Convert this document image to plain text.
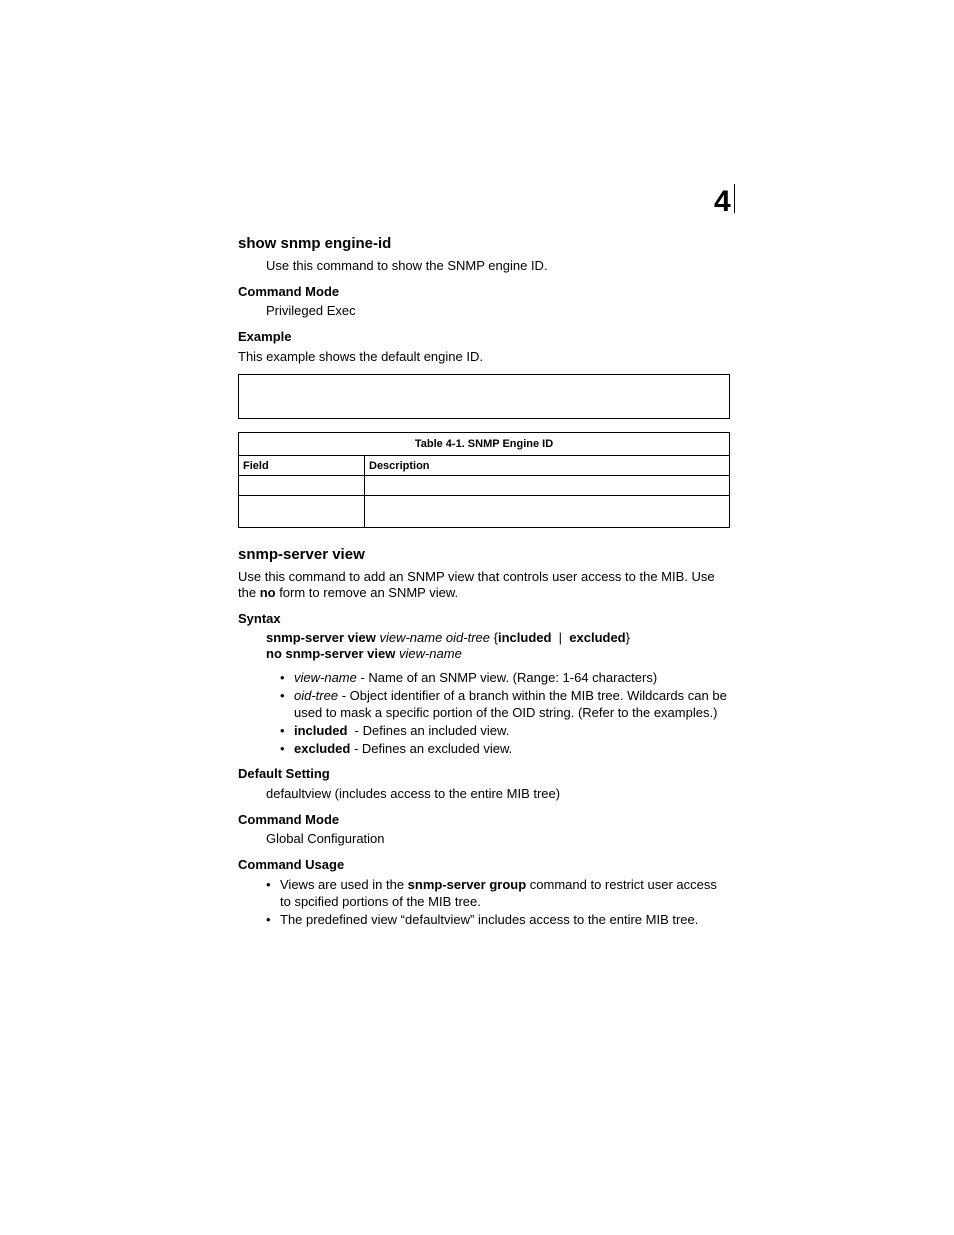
4
show snmp engine-id

Use this command to show the SNMP engine ID.

Command Mode

Privileged Exec

Example

This example shows the default engine ID.

Table 4-1. SNMP Engine ID	
Field	Description

snmp-server view

Use this command to add an SNMP view that controls user access to the MIB. Use the no form to remove an SNMP view.

Syntax

snmp-server view view-name oid-tree {included  |  excluded}

no snmp-server view view-name

• view-name - Name of an SNMP view. (Range: 1-64 characters)
• oid-tree - Object identifier of a branch within the MIB tree. Wildcards can be used to mask a specific portion of the OID string. (Refer to the examples.)
• included  - Defines an included view.
• excluded - Defines an excluded view.
Default Setting

defaultview (includes access to the entire MIB tree)

Command Mode

Global Configuration

Command Usage
• Views are used in the snmp-server group command to restrict user access to spcified portions of the MIB tree.
• The predefined view “defaultview” includes access to the entire MIB tree.
